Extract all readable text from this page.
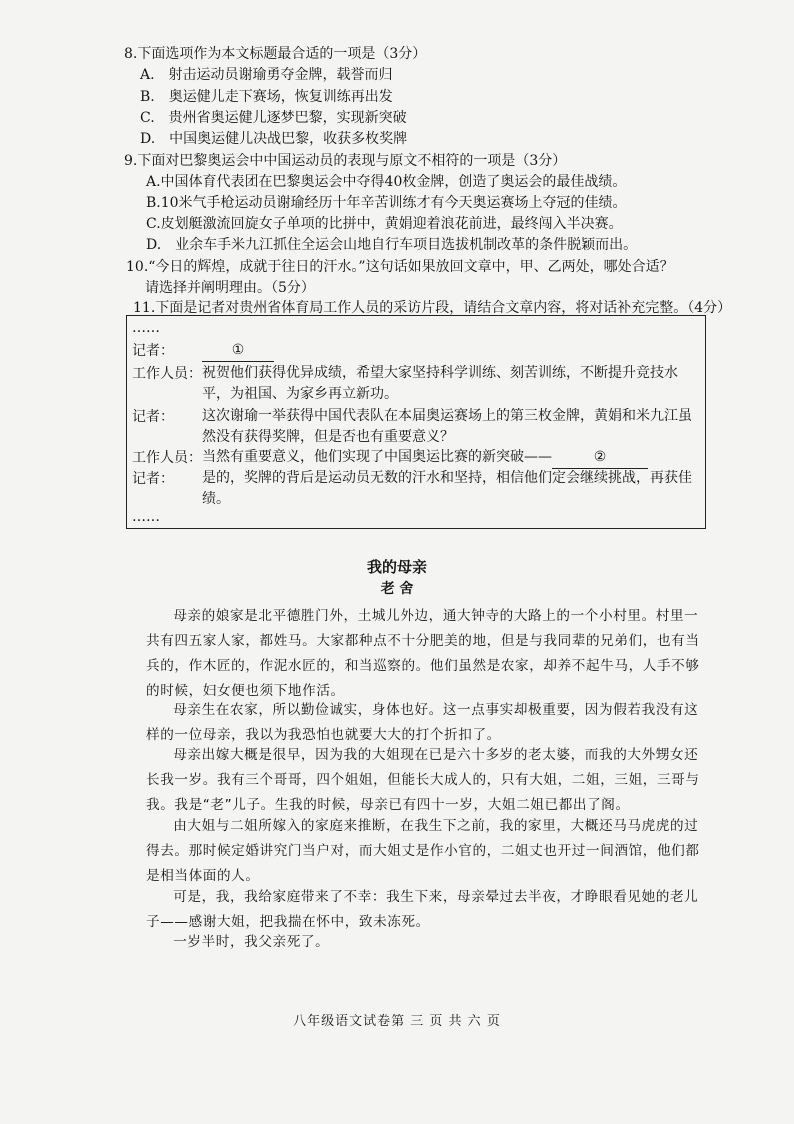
8.下面选项作为本文标题最合适的一项是（3分）
A.　射击运动员谢瑜勇夺金牌，载誉而归
B.　奥运健儿走下赛场，恢复训练再出发
C.　贵州省奥运健儿逐梦巴黎，实现新突破
D.　中国奥运健儿决战巴黎，收获多枚奖牌
9.下面对巴黎奥运会中中国运动员的表现与原文不相符的一项是（3分）
A.中国体育代表团在巴黎奥运会中夺得40枚金牌，创造了奥运会的最佳战绩。
B.10米气手枪运动员谢瑜经历十年辛苦训练才有今天奥运赛场上夺冠的佳绩。
C.皮划艇激流回旋女子单项的比拼中，黄娟迎着浪花前进，最终闯入半决赛。
D.　业余车手米九江抓住全运会山地自行车项目选拔机制改革的条件脱颖而出。
10.“今日的辉煌，成就于往日的汗水。”这句话如果放回文章中，甲、乙两处，哪处合适？
请选择并阐明理由。（5分）
11.下面是记者对贵州省体育局工作人员的采访片段，请结合文章内容，将对话补充完整。（4分）
……
记者：	①
工作人员： 祝贺他们获得优异成绩，希望大家坚持科学训练、刻苦训练，不断提升竞技水平，为祖国、为家乡再立新功。
记者： 这次谢瑜一举获得中国代表队在本届奥运赛场上的第三枚金牌，黄娟和米九江虽然没有获得奖牌，但是否也有重要意义？
工作人员： 当然有重要意义，他们实现了中国奥运比赛的新突破——	②
记者： 是的，奖牌的背后是运动员无数的汗水和坚持，相信他们定会继续挑战，再获佳绩。
……
我的母亲
老 舍

母亲的娘家是北平德胜门外，土城儿外边，通大钟寺的大路上的一个小村里。村里一共有四五家人家，都姓马。大家都种点不十分肥美的地，但是与我同辈的兄弟们，也有当兵的，作木匠的，作泥水匠的，和当巡察的。他们虽然是农家，却养不起牛马，人手不够的时候，妇女便也须下地作活。

母亲生在农家，所以勤俭诚实，身体也好。这一点事实却极重要，因为假若我没有这样的一位母亲，我以为我恐怕也就要大大的打个折扣了。

母亲出嫁大概是很早，因为我的大姐现在已是六十多岁的老太婆，而我的大外甥女还长我一岁。我有三个哥哥，四个姐姐，但能长大成人的，只有大姐，二姐，三姐，三哥与我。我是“老”儿子。生我的时候，母亲已有四十一岁，大姐二姐已都出了阁。

由大姐与二姐所嫁入的家庭来推断，在我生下之前，我的家里，大概还马马虎虎的过得去。那时候定婚讲究门当户对，而大姐丈是作小官的，二姐丈也开过一间酒馆，他们都是相当体面的人。

可是，我，我给家庭带来了不幸：我生下来，母亲晕过去半夜，才睁眼看见她的老儿子——感谢大姐，把我揣在怀中，致未冻死。

一岁半时，我父亲死了。

八年级语文试卷第 三 页 共 六 页
